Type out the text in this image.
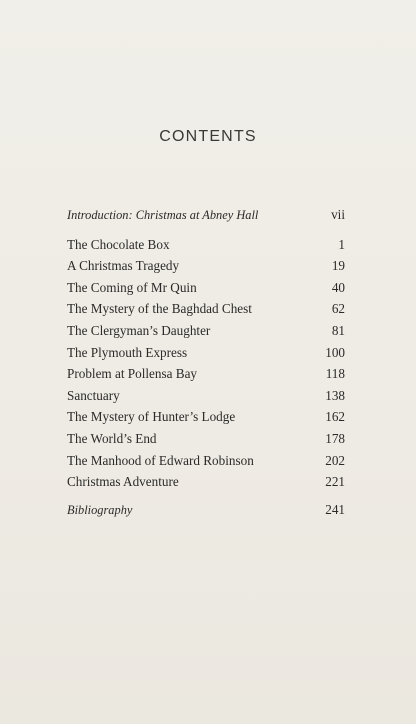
CONTENTS
Introduction: Christmas at Abney Hall	vii
The Chocolate Box	1
A Christmas Tragedy	19
The Coming of Mr Quin	40
The Mystery of the Baghdad Chest	62
The Clergyman’s Daughter	81
The Plymouth Express	100
Problem at Pollensa Bay	118
Sanctuary	138
The Mystery of Hunter’s Lodge	162
The World’s End	178
The Manhood of Edward Robinson	202
Christmas Adventure	221
Bibliography	241
